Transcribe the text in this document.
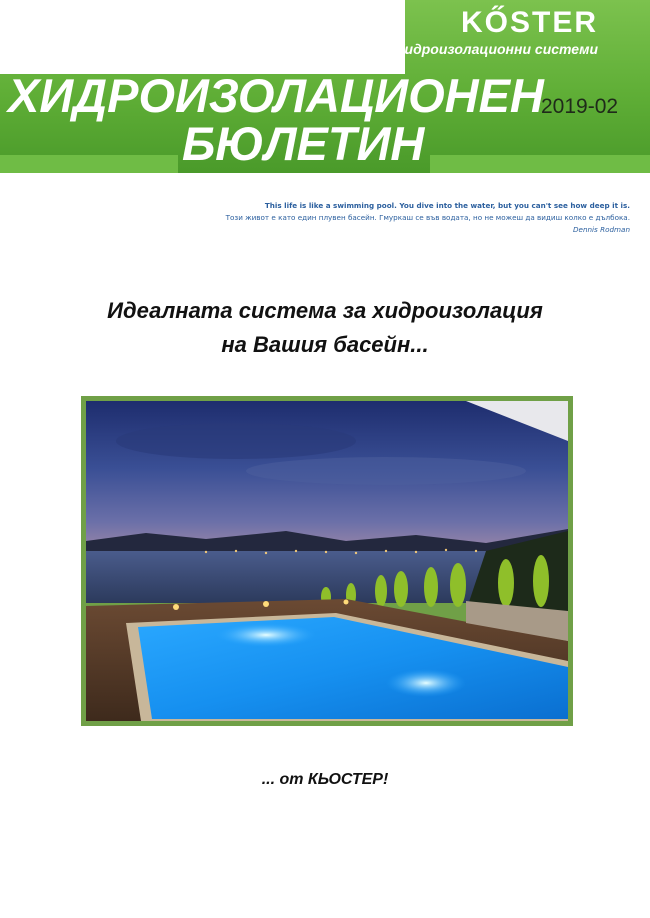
KŐSTER
Хидроизолационни системи
ХИДРОИЗОЛАЦИОНЕН
БЮЛЕТИН
2019-02
This life is like a swimming pool. You dive into the water, but you can't see how deep it is.
Този живот е като един плувен басейн. Гмуркаш се във водата, но не можеш да видиш колко е дълбока.
Dennis Rodman
Идеалната система за хидроизолация
на Вашия басейн...
... от КЬОСТЕР!
